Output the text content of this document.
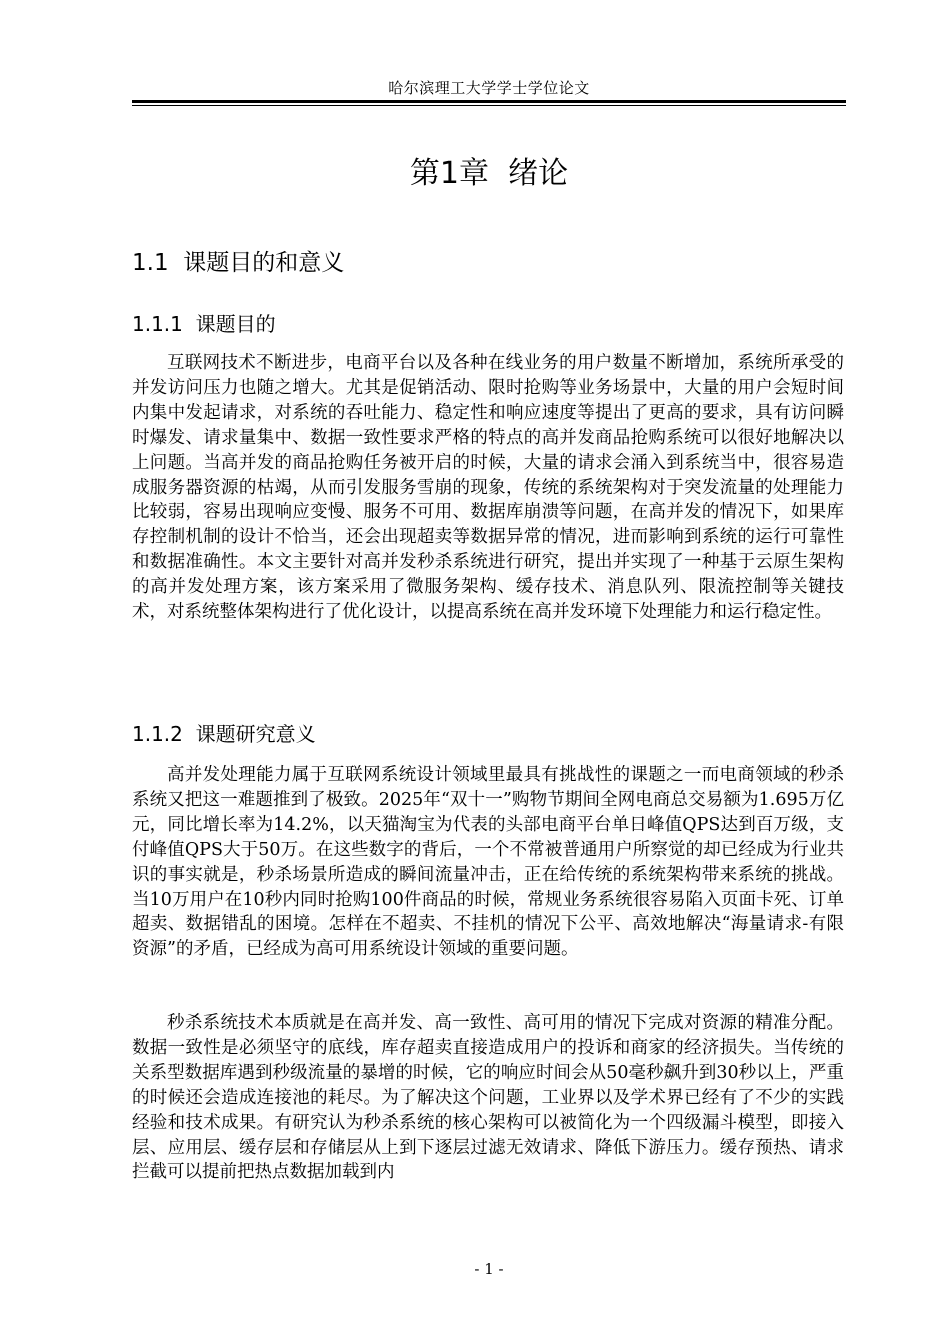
哈尔滨理工大学学士学位论文
第1章  绪论
1.1  课题目的和意义
1.1.1  课题目的

互联网技术不断进步，电商平台以及各种在线业务的用户数量不断增加，系统所承受的并发访问压力也随之增大。尤其是促销活动、限时抢购等业务场景中，大量的用户会短时间内集中发起请求，对系统的吞吐能力、稳定性和响应速度等提出了更高的要求，具有访问瞬时爆发、请求量集中、数据一致性要求严格的特点的高并发商品抢购系统可以很好地解决以上问题。当高并发的商品抢购任务被开启的时候，大量的请求会涌入到系统当中，很容易造成服务器资源的枯竭，从而引发服务雪崩的现象，传统的系统架构对于突发流量的处理能力比较弱，容易出现响应变慢、服务不可用、数据库崩溃等问题，在高并发的情况下，如果库存控制机制的设计不恰当，还会出现超卖等数据异常的情况，进而影响到系统的运行可靠性和数据准确性。本文主要针对高并发秒杀系统进行研究，提出并实现了一种基于云原生架构的高并发处理方案，该方案采用了微服务架构、缓存技术、消息队列、限流控制等关键技术，对系统整体架构进行了优化设计，以提高系统在高并发环境下处理能力和运行稳定性。

1.1.2  课题研究意义

高并发处理能力属于互联网系统设计领域里最具有挑战性的课题之一而电商领域的秒杀系统又把这一难题推到了极致。2025年“双十一”购物节期间全网电商总交易额为1.695万亿元，同比增长率为14.2%，以天猫淘宝为代表的头部电商平台单日峰值QPS达到百万级，支付峰值QPS大于50万。在这些数字的背后，一个不常被普通用户所察觉的却已经成为行业共识的事实就是，秒杀场景所造成的瞬间流量冲击，正在给传统的系统架构带来系统的挑战。当10万用户在10秒内同时抢购100件商品的时候，常规业务系统很容易陷入页面卡死、订单超卖、数据错乱的困境。怎样在不超卖、不挂机的情况下公平、高效地解决“海量请求-有限资源”的矛盾，已经成为高可用系统设计领域的重要问题。

秒杀系统技术本质就是在高并发、高一致性、高可用的情况下完成对资源的精准分配。数据一致性是必须坚守的底线，库存超卖直接造成用户的投诉和商家的经济损失。当传统的关系型数据库遇到秒级流量的暴增的时候，它的响应时间会从50毫秒飙升到30秒以上，严重的时候还会造成连接池的耗尽。为了解决这个问题，工业界以及学术界已经有了不少的实践经验和技术成果。有研究认为秒杀系统的核心架构可以被简化为一个四级漏斗模型，即接入层、应用层、缓存层和存储层从上到下逐层过滤无效请求、降低下游压力。缓存预热、请求拦截可以提前把热点数据加载到内

- 1 -
